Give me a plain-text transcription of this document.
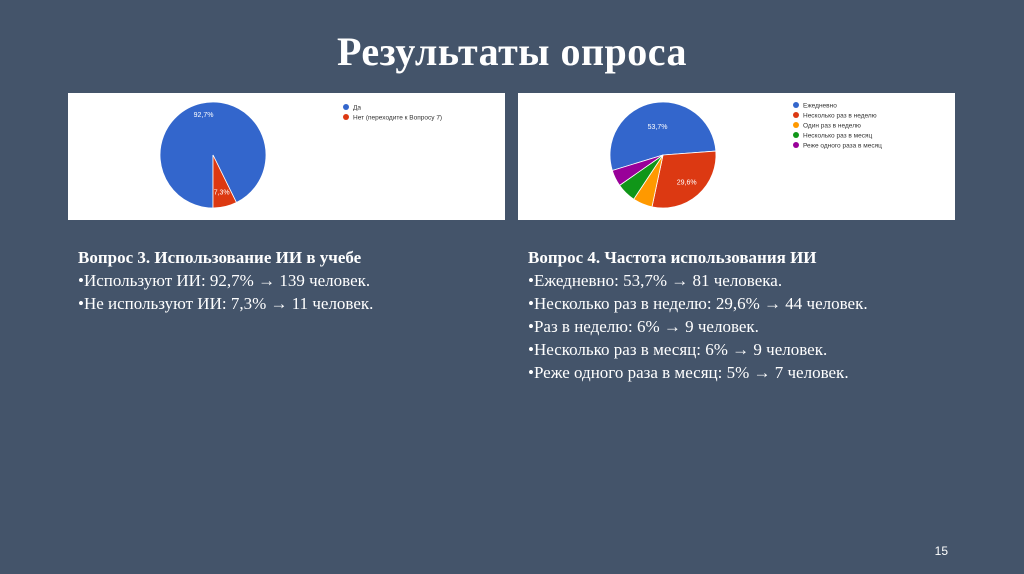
Результаты опроса
92,7%
7,3%
Да
Нет (переходите к Вопросу 7)
53,7%
29,6%
Ежедневно
Несколько раз в неделю
Один раз в неделю
Несколько раз в месяц
Реже одного раза в месяц
Вопрос 3. Использование ИИ в учебе
•Используют ИИ: 92,7% → 139 человек.
•Не используют ИИ: 7,3% → 11 человек.
Вопрос 4. Частота использования ИИ
•Ежедневно: 53,7% → 81 человека.
•Несколько раз в неделю: 29,6% → 44 человек.
•Раз в неделю: 6% → 9 человек.
•Несколько раз в месяц: 6% → 9 человек.
•Реже одного раза в месяц: 5% → 7 человек.
15
